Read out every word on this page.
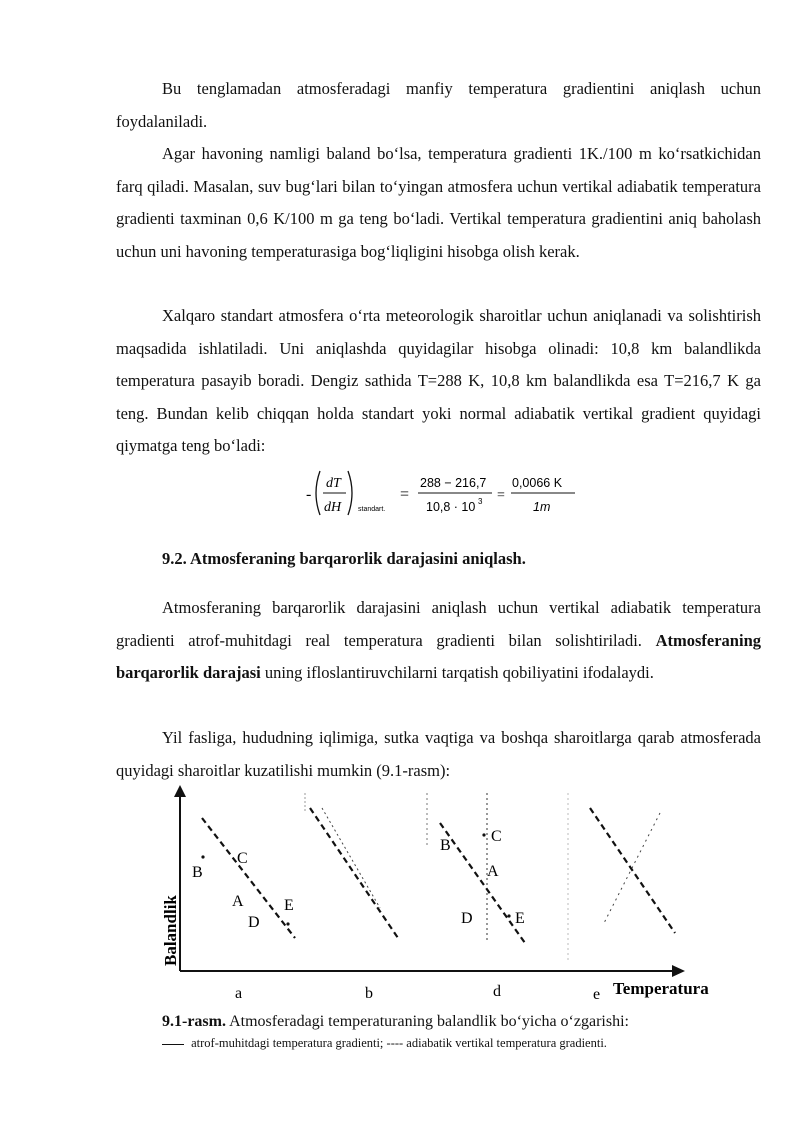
Bu tenglamadan atmosferadagi manfiy temperatura gradientini aniqlash uchun foydalaniladi.

Agar havoning namligi baland bo‘lsa, temperatura gradienti 1K./100 m ko‘rsatkichidan farq qiladi. Masalan, suv bug‘lari bilan to‘yingan atmosfera uchun vertikal adiabatik temperatura gradienti taxminan 0,6 K/100 m ga teng bo‘ladi. Vertikal temperatura gradientini aniq baholash uchun uni havoning temperaturasiga bog‘liqligini hisobga olish kerak.

Xalqaro standart atmosfera o‘rta meteorologik sharoitlar uchun aniqlanadi va solishtirish maqsadida ishlatiladi. Uni aniqlashda quyidagilar hisobga olinadi: 10,8 km balandlikda temperatura pasayib boradi. Dengiz sathida T=288 K, 10,8 km balandlikda esa T=216,7 K ga teng. Bundan kelib chiqqan holda standart yoki normal adiabatik vertikal gradient quyidagi qiymatga teng bo‘ladi:

-
dT
dH standart.
=
288 − 216,7
10,8 · 10 3 =
0,0066 K
1m
9.2. Atmosferaning barqarorlik darajasini aniqlash.

Atmosferaning barqarorlik darajasini aniqlash uchun vertikal adiabatik temperatura gradienti atrof-muhitdagi real temperatura gradienti bilan solishtiriladi. Atmosferaning barqarorlik darajasi uning ifloslantiruvchilarni tarqatish qobiliyatini ifodalaydi.

Yil fasliga, hududning iqlimiga, sutka vaqtiga va boshqa sharoitlarga qarab atmosferada quyidagi sharoitlar kuzatilishi mumkin (9.1-rasm):

Balandlik
Temperatura
B
C
A
D
E
a	b
B
C
A
D	E
d	e
9.1-rasm. Atmosferadagi temperaturaning balandlik bo‘yicha o‘zgarishi:
atrof-muhitdagi temperatura gradienti; ---- adiabatik vertikal temperatura gradienti.
